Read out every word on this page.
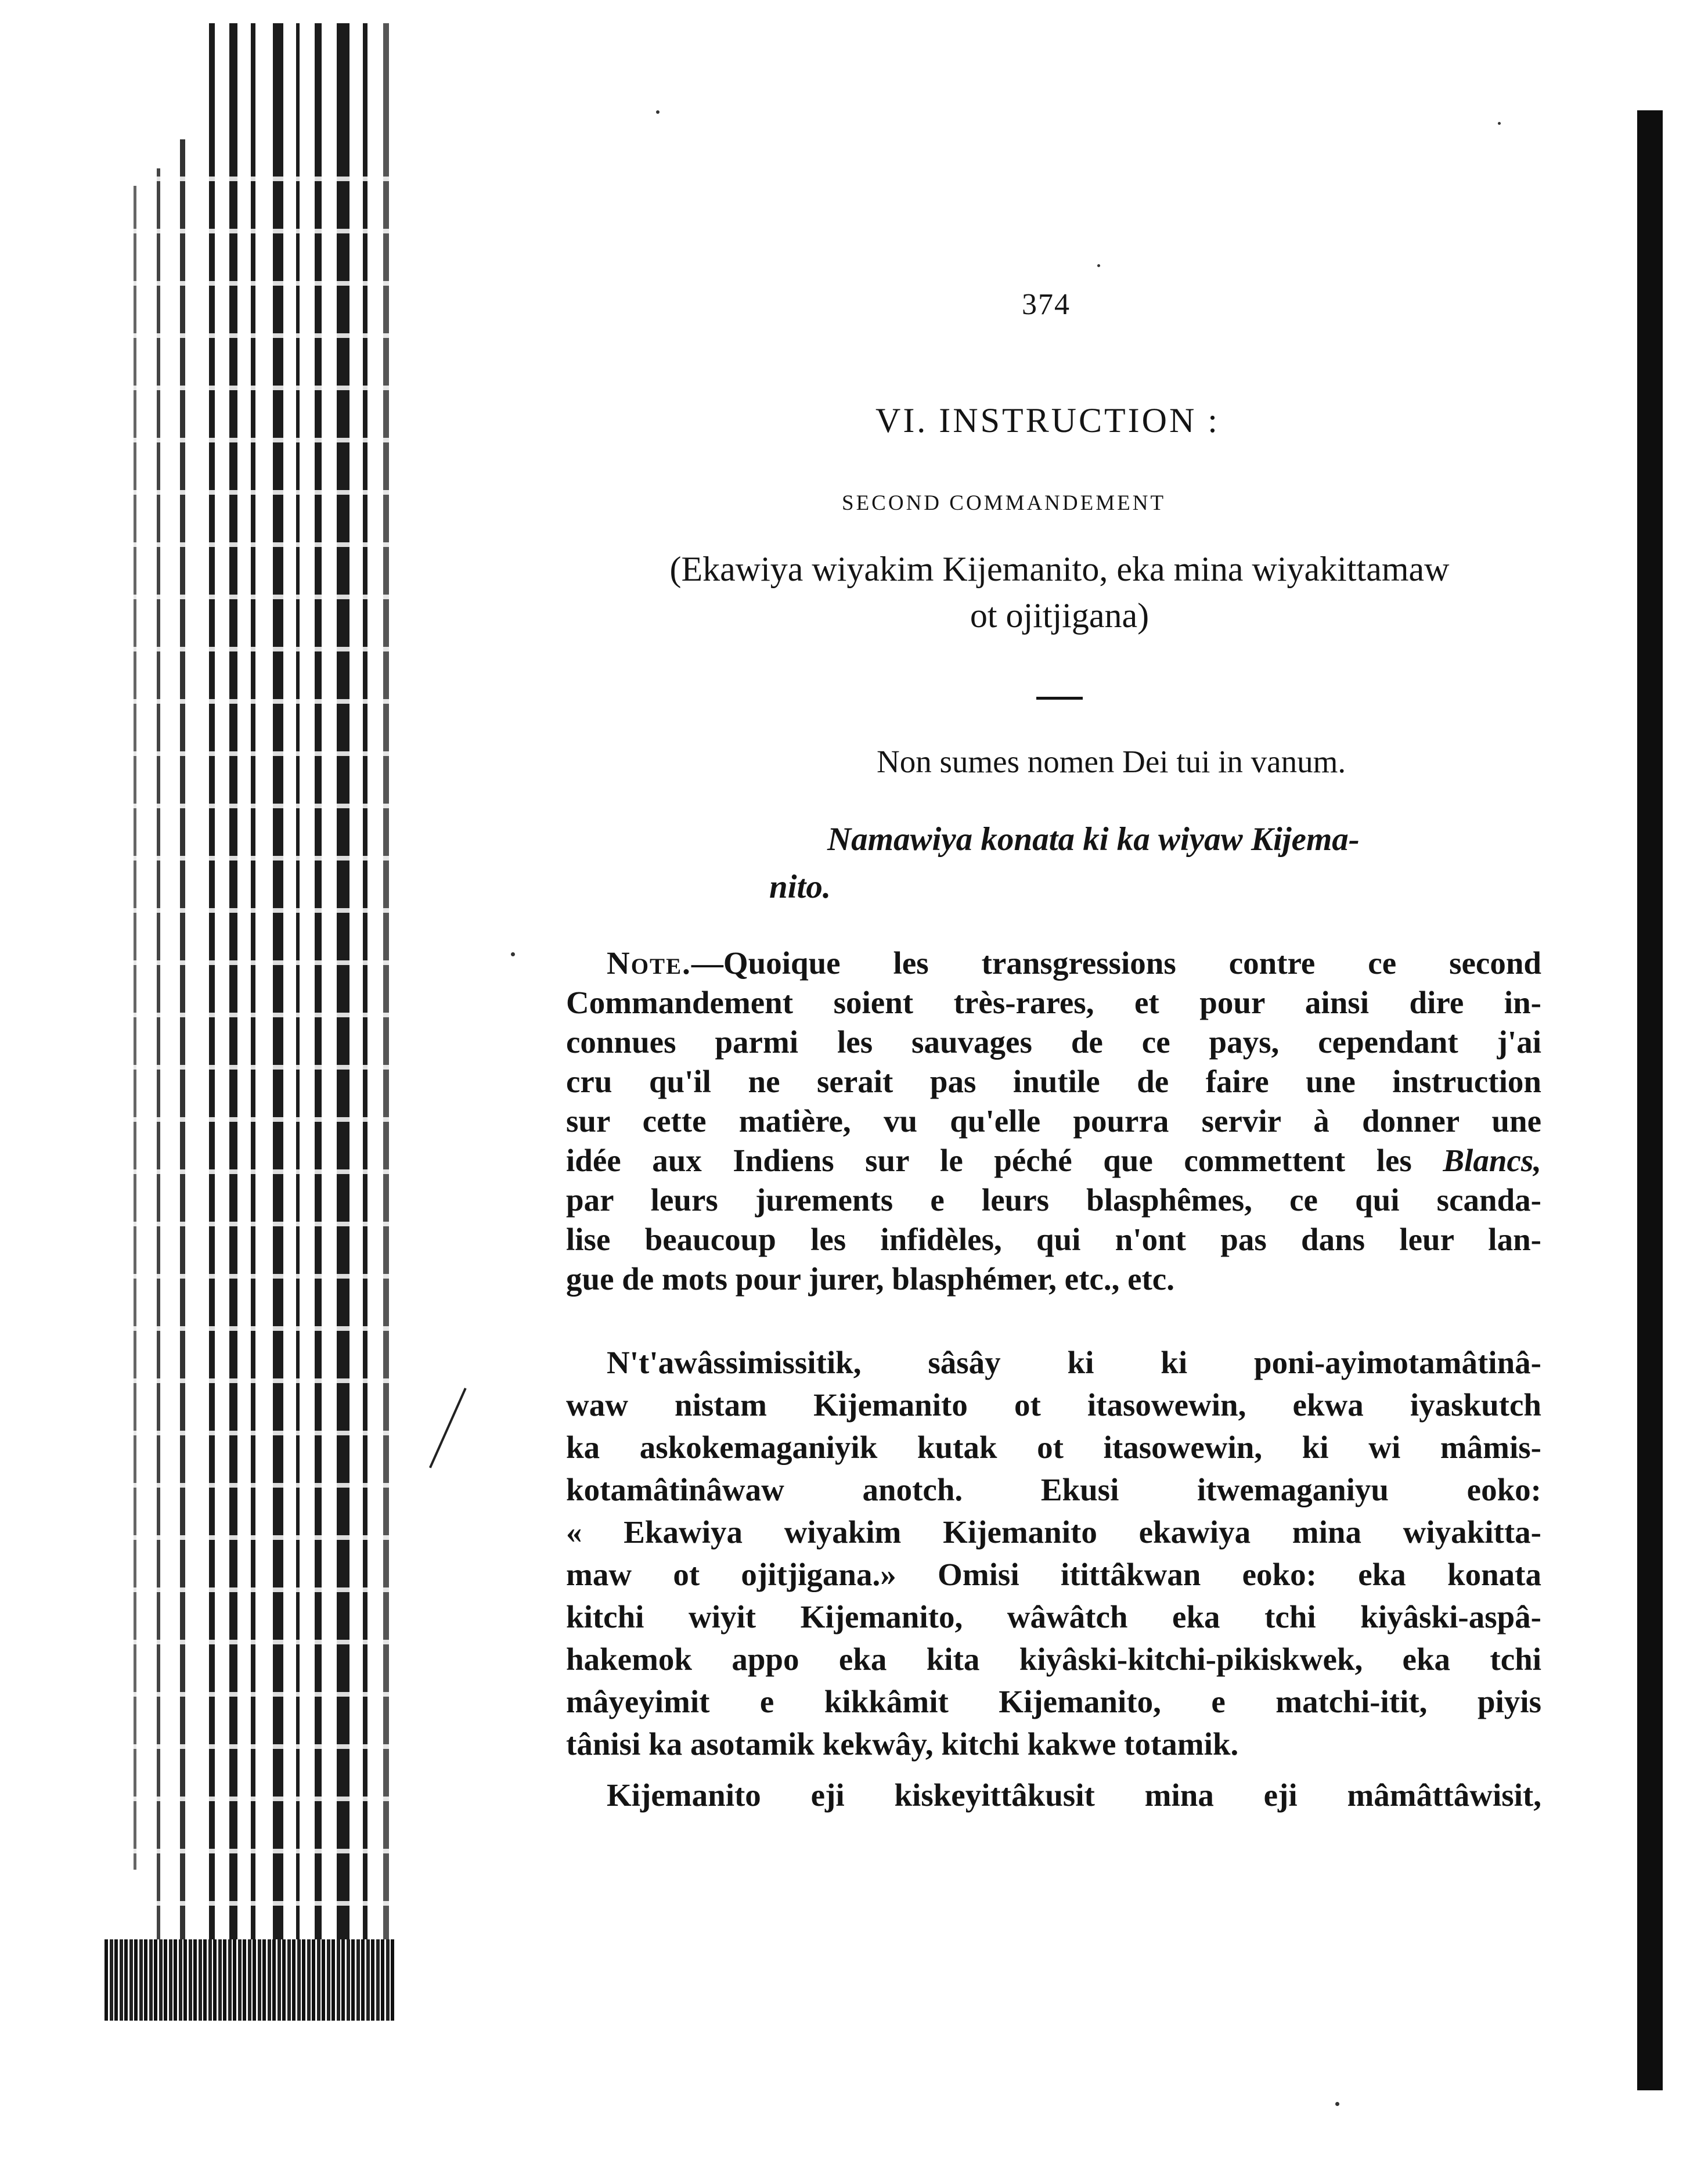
374
VI. INSTRUCTION :
SECOND COMMANDEMENT
(Ekawiya wiyakim Kijemanito, eka mina wiyakittamaw
ot ojitjigana)
Non sumes nomen Dei tui in vanum.
Namawiya konata ki ka wiyaw Kijema-
nito.
Note.—Quoique les transgressions contre ce second
Commandement soient très-rares, et pour ainsi dire in-
connues parmi les sauvages de ce pays, cependant j'ai
cru qu'il ne serait pas inutile de faire une instruction
sur cette matière, vu qu'elle pourra servir à donner une
idée aux Indiens sur le péché que commettent les Blancs,
par leurs jurements e leurs blasphêmes, ce qui scanda-
lise beaucoup les infidèles, qui n'ont pas dans leur lan-
gue de mots pour jurer, blasphémer, etc., etc.
N't'awâssimissitik, sâsây ki ki poni-ayimotamâtinâ-
waw nistam Kijemanito ot itasowewin, ekwa iyaskutch
ka askokemaganiyik kutak ot itasowewin, ki wi mâmis-
kotamâtinâwaw anotch. Ekusi itwemaganiyu eoko:
« Ekawiya wiyakim Kijemanito ekawiya mina wiyakitta-
maw ot ojitjigana.» Omisi itittâkwan eoko: eka konata
kitchi wiyit Kijemanito, wâwâtch eka tchi kiyâski-aspâ-
hakemok appo eka kita kiyâski-kitchi-pikiskwek, eka tchi
mâyeyimit e kikkâmit Kijemanito, e matchi-itit, piyis
tânisi ka asotamik kekwây, kitchi kakwe totamik.
Kijemanito eji kiskeyittâkusit mina eji mâmâttâwisit,
